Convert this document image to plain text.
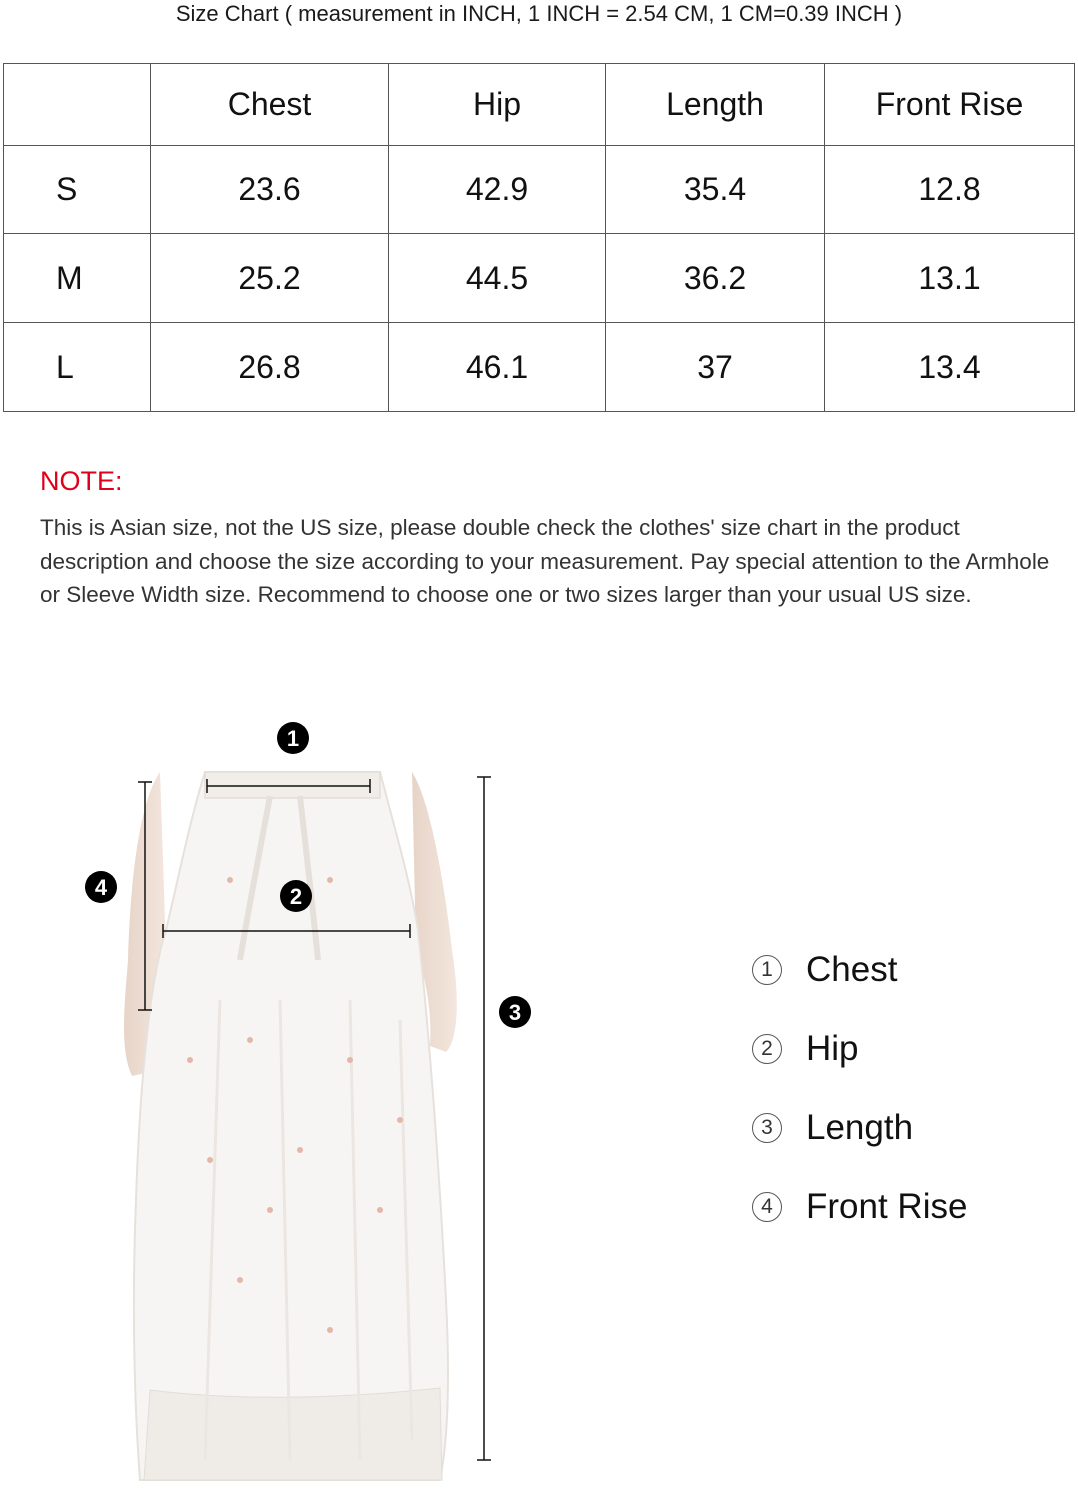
Size Chart ( measurement in INCH, 1 INCH = 2.54 CM, 1 CM=0.39 INCH )
	Chest	Hip	Length	Front Rise
S	23.6	42.9	35.4	12.8
M	25.2	44.5	36.2	13.1
L	26.8	46.1	37	13.4
NOTE:
This is Asian size, not the US size, please double check the clothes' size chart in the product description and choose the size according to your measurement. Pay special attention to the Armhole or Sleeve Width size. Recommend to choose one or two sizes larger than your usual US size.
1
2
3
4
1 Chest
2 Hip
3 Length
4 Front Rise
